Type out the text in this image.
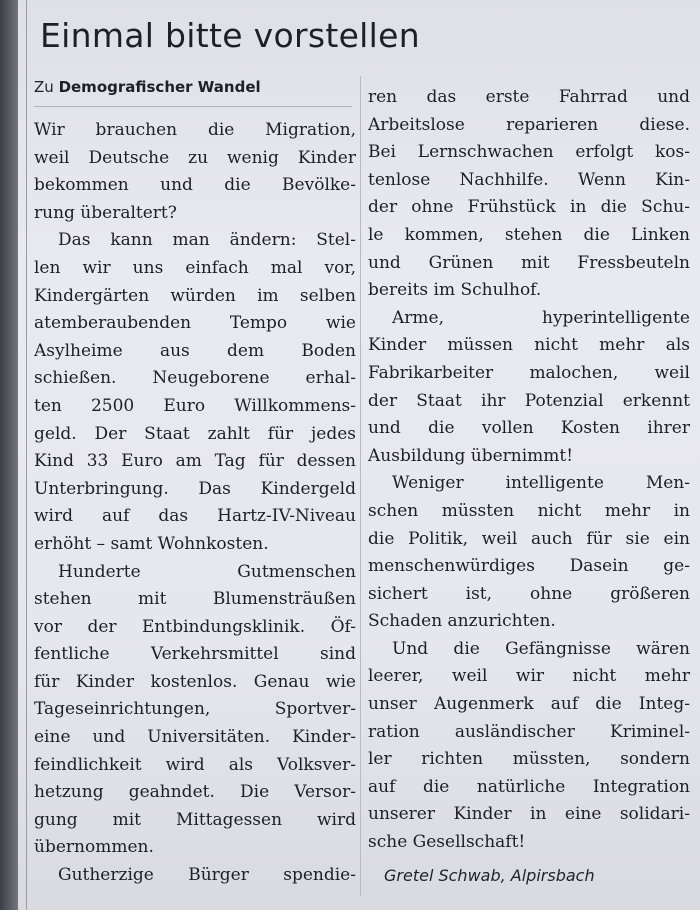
Einmal bitte vorstellen
Zu Demografischer Wandel
Wir brauchen die Migration,
weil Deutsche zu wenig Kinder
bekommen und die Bevölke-
rung überaltert?
Das kann man ändern: Stel-
len wir uns einfach mal vor,
Kindergärten würden im selben
atemberaubenden Tempo wie
Asylheime aus dem Boden
schießen. Neugeborene erhal-
ten 2500 Euro Willkommens-
geld. Der Staat zahlt für jedes
Kind 33 Euro am Tag für dessen
Unterbringung. Das Kindergeld
wird auf das Hartz-IV-Niveau
erhöht – samt Wohnkosten.
Hunderte Gutmenschen
stehen mit Blumensträußen
vor der Entbindungsklinik. Öf-
fentliche Verkehrsmittel sind
für Kinder kostenlos. Genau wie
Tageseinrichtungen, Sportver-
eine und Universitäten. Kinder-
feindlichkeit wird als Volksver-
hetzung geahndet. Die Versor-
gung mit Mittagessen wird
übernommen.
Gutherzige Bürger spendie-
ren das erste Fahrrad und
Arbeitslose reparieren diese.
Bei Lernschwachen erfolgt kos-
tenlose Nachhilfe. Wenn Kin-
der ohne Frühstück in die Schu-
le kommen, stehen die Linken
und Grünen mit Fressbeuteln
bereits im Schulhof.
Arme, hyperintelligente
Kinder müssen nicht mehr als
Fabrikarbeiter malochen, weil
der Staat ihr Potenzial erkennt
und die vollen Kosten ihrer
Ausbildung übernimmt!
Weniger intelligente Men-
schen müssten nicht mehr in
die Politik, weil auch für sie ein
menschenwürdiges Dasein ge-
sichert ist, ohne größeren
Schaden anzurichten.
Und die Gefängnisse wären
leerer, weil wir nicht mehr
unser Augenmerk auf die Integ-
ration ausländischer Kriminel-
ler richten müssten, sondern
auf die natürliche Integration
unserer Kinder in eine solidari-
sche Gesellschaft!
Gretel Schwab, Alpirsbach
